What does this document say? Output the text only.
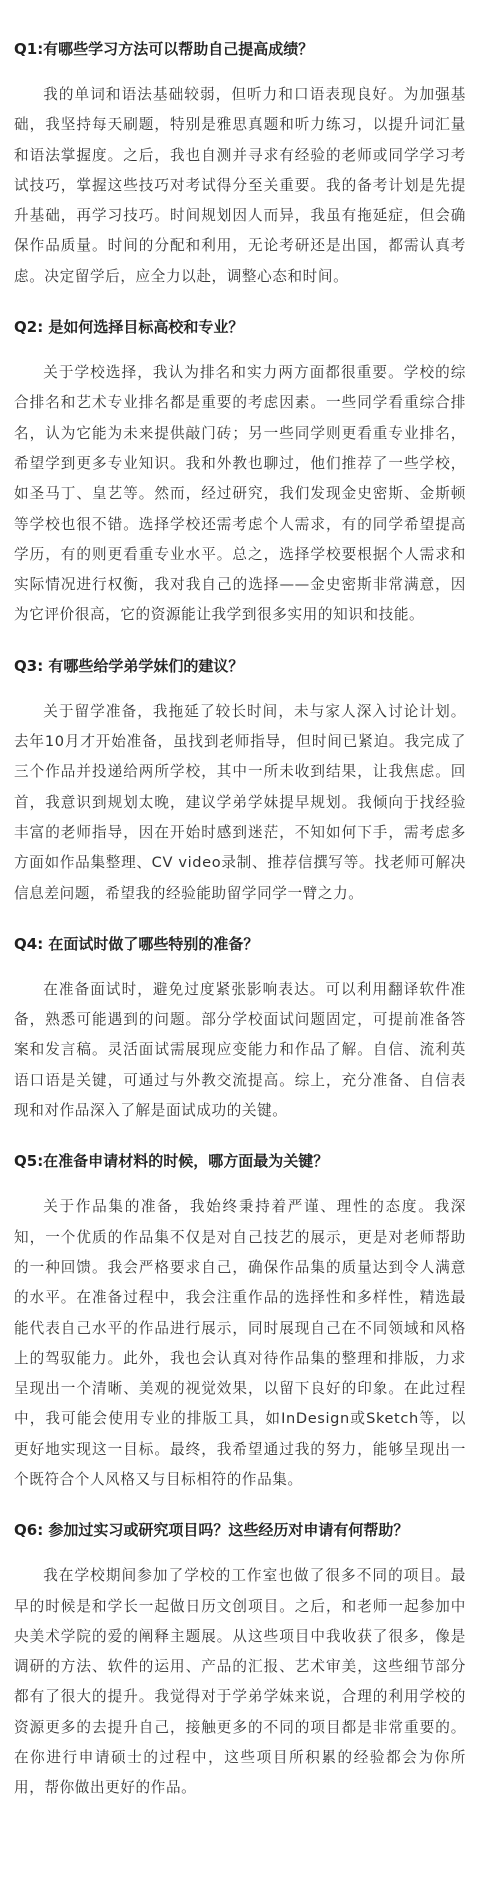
Q1:有哪些学习方法可以帮助自己提高成绩？

我的单词和语法基础较弱，但听力和口语表现良好。为加强基础，我坚持每天刷题，特别是雅思真题和听力练习，以提升词汇量和语法掌握度。之后，我也自测并寻求有经验的老师或同学学习考试技巧，掌握这些技巧对考试得分至关重要。我的备考计划是先提升基础，再学习技巧。时间规划因人而异，我虽有拖延症，但会确保作品质量。时间的分配和利用，无论考研还是出国，都需认真考虑。决定留学后，应全力以赴，调整心态和时间。

Q2: 是如何选择目标高校和专业？

关于学校选择，我认为排名和实力两方面都很重要。学校的综合排名和艺术专业排名都是重要的考虑因素。一些同学看重综合排名，认为它能为未来提供敲门砖；另一些同学则更看重专业排名，希望学到更多专业知识。我和外教也聊过，他们推荐了一些学校，如圣马丁、皇艺等。然而，经过研究，我们发现金史密斯、金斯顿等学校也很不错。选择学校还需考虑个人需求，有的同学希望提高学历，有的则更看重专业水平。总之，选择学校要根据个人需求和实际情况进行权衡，我对我自己的选择——金史密斯非常满意，因为它评价很高，它的资源能让我学到很多实用的知识和技能。

Q3: 有哪些给学弟学妹们的建议？

关于留学准备，我拖延了较长时间，未与家人深入讨论计划。去年10月才开始准备，虽找到老师指导，但时间已紧迫。我完成了三个作品并投递给两所学校，其中一所未收到结果，让我焦虑。回首，我意识到规划太晚，建议学弟学妹提早规划。我倾向于找经验丰富的老师指导，因在开始时感到迷茫，不知如何下手，需考虑多方面如作品集整理、CV video录制、推荐信撰写等。找老师可解决信息差问题，希望我的经验能助留学同学一臂之力。

Q4: 在面试时做了哪些特别的准备？

在准备面试时，避免过度紧张影响表达。可以利用翻译软件准备，熟悉可能遇到的问题。部分学校面试问题固定，可提前准备答案和发言稿。灵活面试需展现应变能力和作品了解。自信、流利英语口语是关键，可通过与外教交流提高。综上，充分准备、自信表现和对作品深入了解是面试成功的关键。

Q5:在准备申请材料的时候，哪方面最为关键？

关于作品集的准备，我始终秉持着严谨、理性的态度。我深知，一个优质的作品集不仅是对自己技艺的展示，更是对老师帮助的一种回馈。我会严格要求自己，确保作品集的质量达到令人满意的水平。在准备过程中，我会注重作品的选择性和多样性，精选最能代表自己水平的作品进行展示，同时展现自己在不同领域和风格上的驾驭能力。此外，我也会认真对待作品集的整理和排版，力求呈现出一个清晰、美观的视觉效果，以留下良好的印象。在此过程中，我可能会使用专业的排版工具，如InDesign或Sketch等，以更好地实现这一目标。最终，我希望通过我的努力，能够呈现出一个既符合个人风格又与目标相符的作品集。

Q6: 参加过实习或研究项目吗？这些经历对申请有何帮助？

我在学校期间参加了学校的工作室也做了很多不同的项目。最早的时候是和学长一起做日历文创项目。之后，和老师一起参加中央美术学院的爱的阐释主题展。从这些项目中我收获了很多，像是调研的方法、软件的运用、产品的汇报、艺术审美，这些细节部分都有了很大的提升。我觉得对于学弟学妹来说，合理的利用学校的资源更多的去提升自己，接触更多的不同的项目都是非常重要的。在你进行申请硕士的过程中，这些项目所积累的经验都会为你所用，帮你做出更好的作品。
